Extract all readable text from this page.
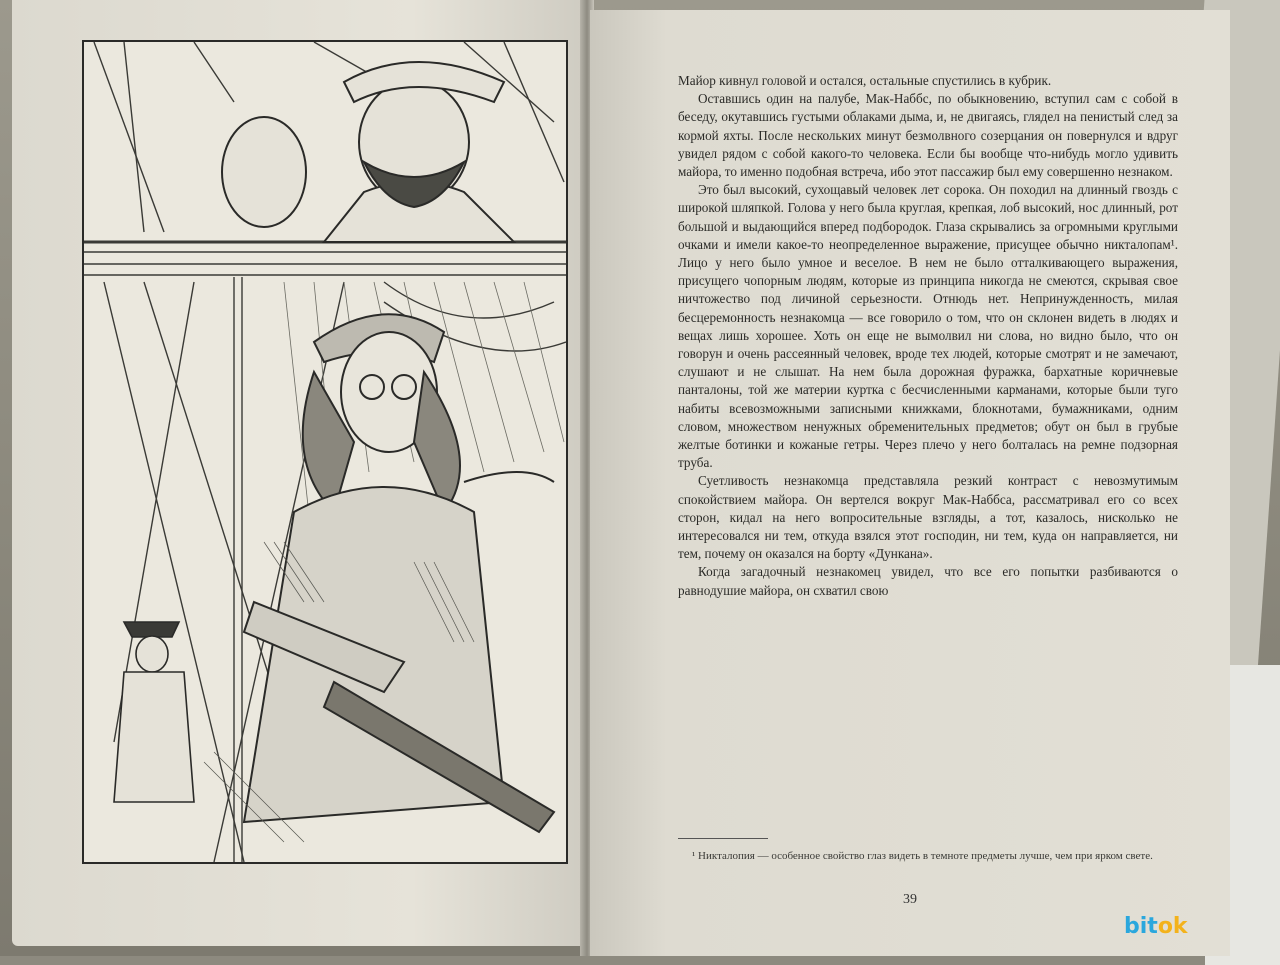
Майор кивнул головой и остался, остальные спустились в кубрик.

Оставшись один на палубе, Мак-Наббс, по обыкновению, вступил сам с собой в беседу, окутавшись густыми облаками дыма, и, не двигаясь, глядел на пенистый след за кормой яхты. После нескольких минут безмолвного созерцания он повернулся и вдруг увидел рядом с собой какого-то человека. Если бы вообще что-нибудь могло удивить майора, то именно подобная встреча, ибо этот пассажир был ему совершенно незнаком.

Это был высокий, сухощавый человек лет сорока. Он походил на длинный гвоздь с широкой шляпкой. Голова у него была круглая, крепкая, лоб высокий, нос длинный, рот большой и выдающийся вперед подбородок. Глаза скрывались за огромными круглыми очками и имели какое-то неопределенное выражение, присущее обычно никталопам¹. Лицо у него было умное и веселое. В нем не было отталкивающего выражения, присущего чопорным людям, которые из принципа никогда не смеются, скрывая свое ничтожество под личиной серьезности. Отнюдь нет. Непринужденность, милая бесцеремонность незнакомца — все говорило о том, что он склонен видеть в людях и вещах лишь хорошее. Хоть он еще не вымолвил ни слова, но видно было, что он говорун и очень рассеянный человек, вроде тех людей, которые смотрят и не замечают, слушают и не слышат. На нем была дорожная фуражка, бархатные коричневые панталоны, той же материи куртка с бесчисленными карманами, которые были туго набиты всевозможными записными книжками, блокнотами, бумажниками, одним словом, множеством ненужных обременительных предметов; обут он был в грубые желтые ботинки и кожаные гетры. Через плечо у него болталась на ремне подзорная труба.

Суетливость незнакомца представляла резкий контраст с невозмутимым спокойствием майора. Он вертелся вокруг Мак-Наббса, рассматривал его со всех сторон, кидал на него вопросительные взгляды, а тот, казалось, нисколько не интересовался ни тем, откуда взялся этот господин, ни тем, куда он направляется, ни тем, почему он оказался на борту «Дункана».

Когда загадочный незнакомец увидел, что все его попытки разбиваются о равнодушие майора, он схватил свою

¹ Никталопия — особенное свойство глаз видеть в темноте предметы лучше, чем при ярком свете.
39
bit ok
